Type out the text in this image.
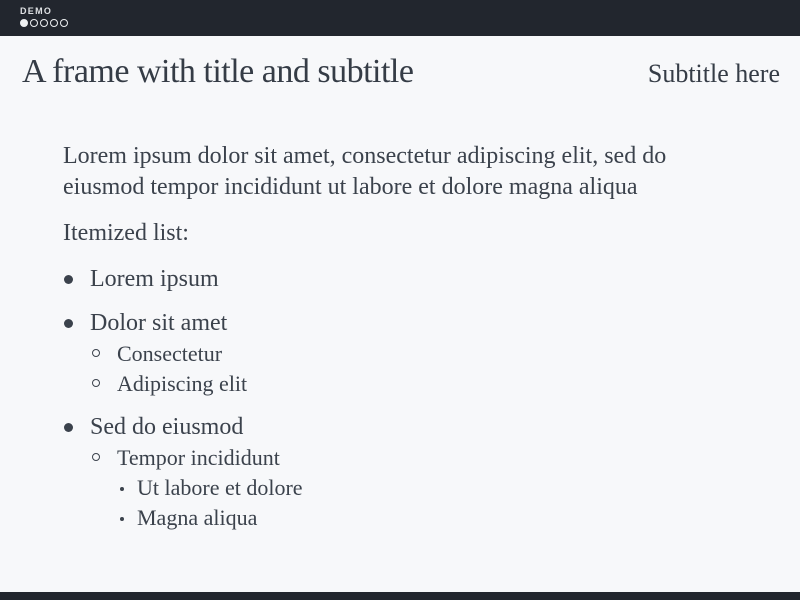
DEMO
A frame with title and subtitle	Subtitle here

Lorem ipsum dolor sit amet, consectetur adipiscing elit, sed do eiusmod tempor incididunt ut labore et dolore magna aliqua

Itemized list:

Lorem ipsum
Dolor sit amet
Consectetur
Adipiscing elit
Sed do eiusmod
Tempor incididunt
Ut labore et dolore
Magna aliqua
